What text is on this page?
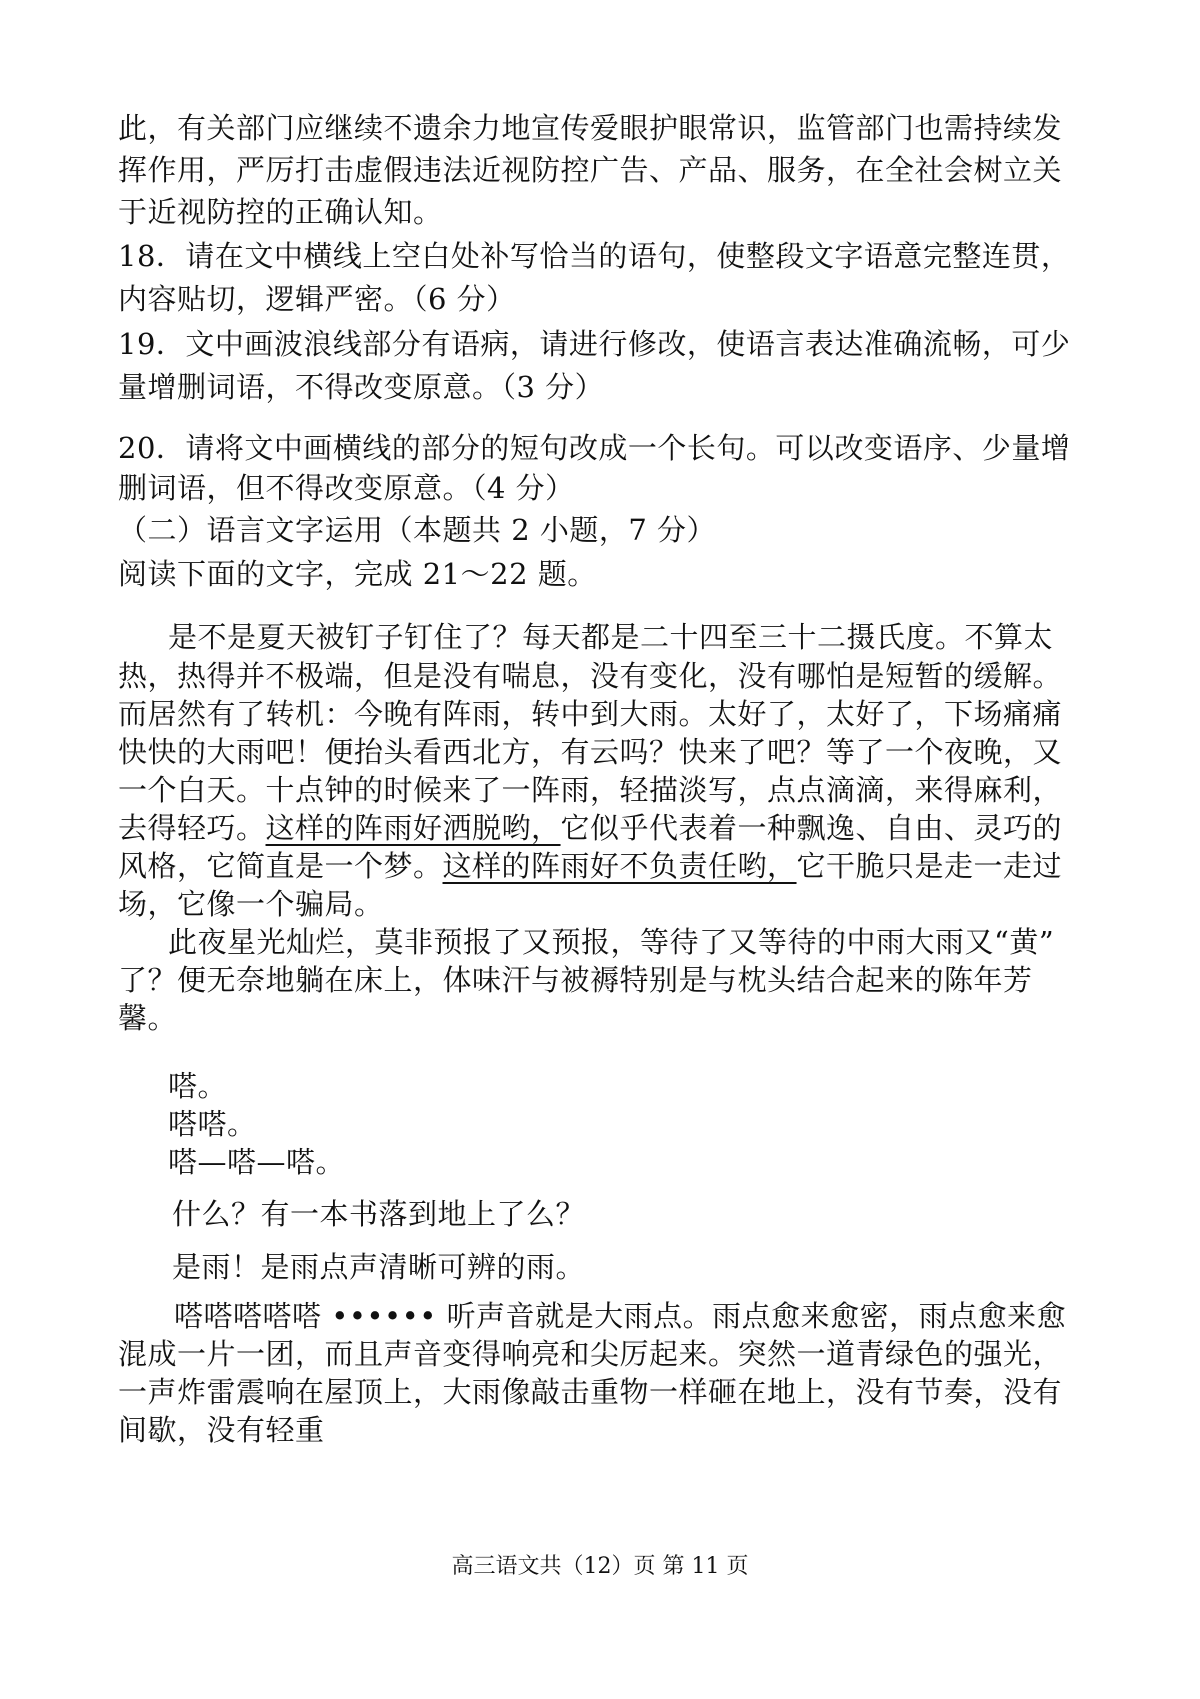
此，有关部门应继续不遗余力地宣传爱眼护眼常识，监管部门也需持续发
挥作用，严厉打击虚假违法近视防控广告、产品、服务，在全社会树立关
于近视防控的正确认知。
18．请在文中横线上空白处补写恰当的语句，使整段文字语意完整连贯，
内容贴切，逻辑严密。（6 分）
19．文中画波浪线部分有语病，请进行修改，使语言表达准确流畅，可少
量增删词语，不得改变原意。（3 分）
20．请将文中画横线的部分的短句改成一个长句。可以改变语序、少量增
删词语，但不得改变原意。（4 分）
（二）语言文字运用（本题共 2 小题，7 分）
阅读下面的文字，完成 21～22 题。
是不是夏天被钉子钉住了？每天都是二十四至三十二摄氏度。不算太
热，热得并不极端，但是没有喘息，没有变化，没有哪怕是短暂的缓解。
而居然有了转机：今晚有阵雨，转中到大雨。太好了，太好了，下场痛痛
快快的大雨吧！便抬头看西北方，有云吗？快来了吧？等了一个夜晚，又
一个白天。十点钟的时候来了一阵雨，轻描淡写，点点滴滴，来得麻利，
去得轻巧。这样的阵雨好洒脱哟，它似乎代表着一种飘逸、自由、灵巧的
风格，它简直是一个梦。这样的阵雨好不负责任哟，它干脆只是走一走过
场，它像一个骗局。
此夜星光灿烂，莫非预报了又预报，等待了又等待的中雨大雨又“黄”
了？便无奈地躺在床上，体味汗与被褥特别是与枕头结合起来的陈年芳
馨。
嗒。
嗒嗒。
嗒—嗒—嗒。
什么？有一本书落到地上了么？
是雨！是雨点声清晰可辨的雨。
嗒嗒嗒嗒嗒 •••••• 听声音就是大雨点。雨点愈来愈密，雨点愈来愈
混成一片一团，而且声音变得响亮和尖厉起来。突然一道青绿色的强光，
一声炸雷震响在屋顶上，大雨像敲击重物一样砸在地上，没有节奏，没有
间歇，没有轻重
高三语文共（12）页 第 11 页
